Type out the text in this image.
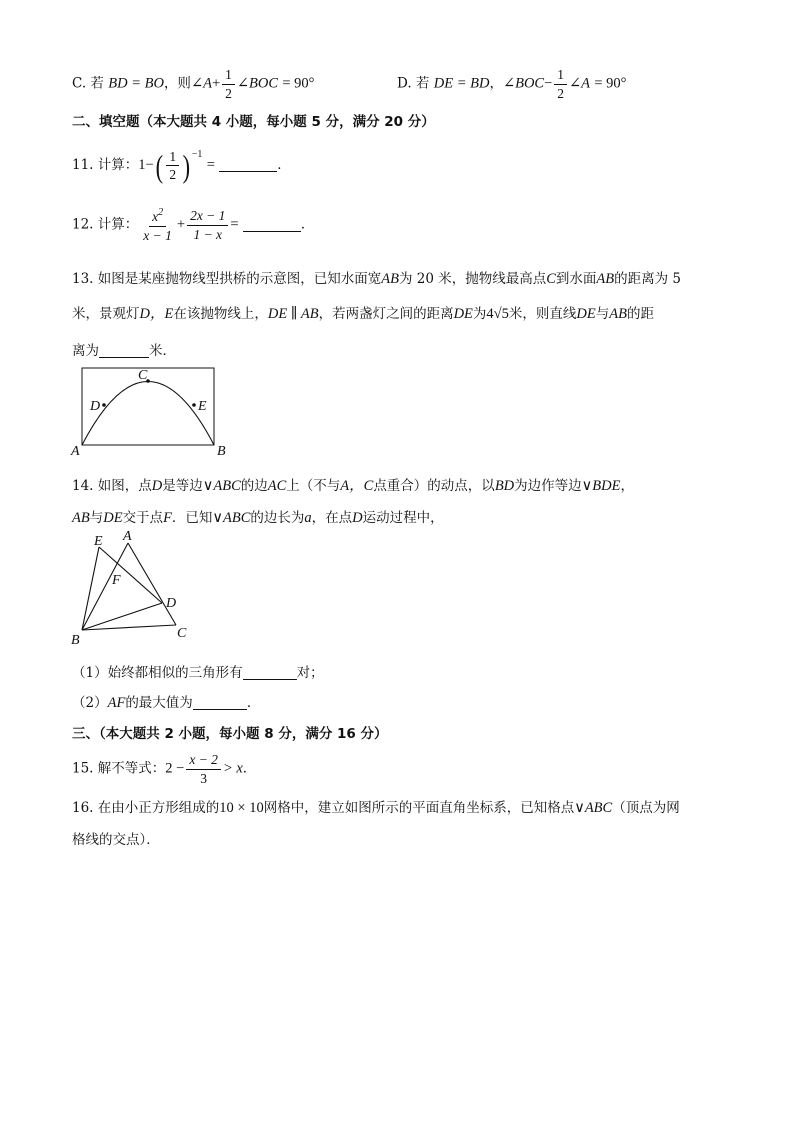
C. 若 BD = BO，则∠A+ $\frac{1}{2}$ ∠BOC = 90°	D. 若 DE = BD，∠BOC− $\frac{1}{2}$ ∠A = 90°
二、填空题（本大题共 4 小题，每小题 5 分，满分 20 分）
11. 计算：$1-( \frac{1}{2}$ ) $^{-1}$ =	．
12. 计算： $\frac{x^2}{x - 1} + \frac{2x - 1}{1 - x}$ =	．
13. 如图是某座抛物线型拱桥的示意图，已知水面宽AB为 20 米，抛物线最高点C到水面AB的距离为 5
米，景观灯D，E在该抛物线上，DE ∥ AB，若两盏灯之间的距离DE为4√5米，则直线DE与AB的距
离为	米．
A	B
C
D	E
14. 如图，点D是等边∨ABC的边AC上（不与A，C点重合）的动点，以BD为边作等边∨BDE，
AB与DE交于点F．已知∨ABC的边长为a，在点D运动过程中，
E A
F
D
B	C
（1）始终都相似的三角形有	对；
（2）AF的最大值为	．
三、（本大题共 2 小题，每小题 8 分，满分 16 分）
15. 解不等式：$2 - \frac{x - 2}{3} > x$．
16. 在由小正方形组成的10 × 10网格中，建立如图所示的平面直角坐标系，已知格点∨ABC（顶点为网
格线的交点）．
